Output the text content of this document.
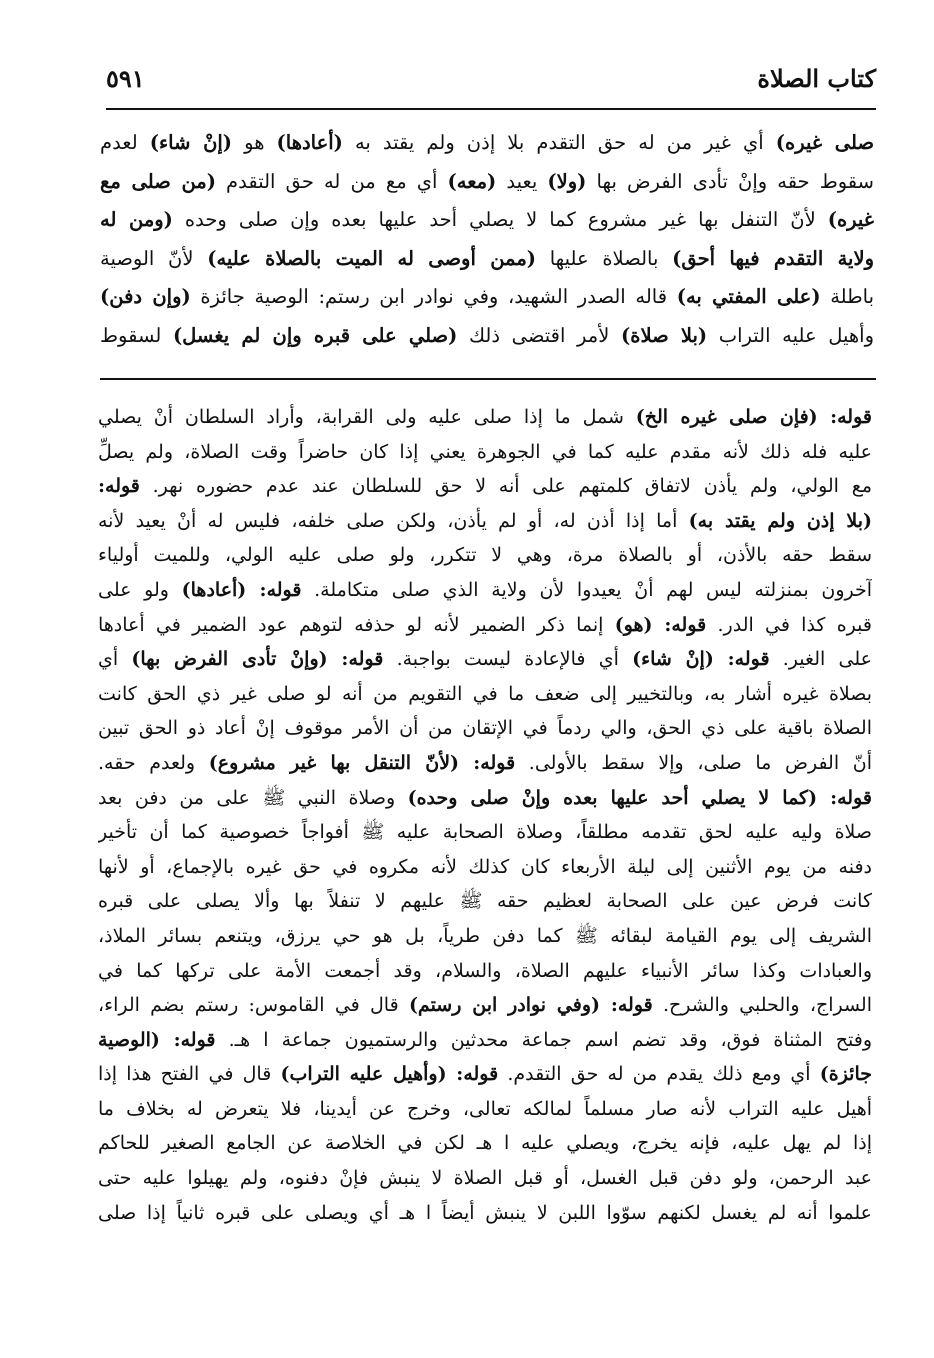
٥٩١	كتاب الصلاة
صلى غيره) أي غير من له حق التقدم بلا إذن ولم يقتد به (أعادها) هو (إنْ شاء) لعدم
سقوط حقه وإنْ تأدى الفرض بها (ولا) يعيد (معه) أي مع من له حق التقدم (من صلى مع
غيره) لأنّ التنفل بها غير مشروع كما لا يصلي أحد عليها بعده وإن صلى وحده (ومن له
ولاية التقدم فيها أحق) بالصلاة عليها (ممن أوصى له الميت بالصلاة عليه) لأنّ الوصية
باطلة (على المفتي به) قاله الصدر الشهيد، وفي نوادر ابن رستم: الوصية جائزة (وإن دفن)
وأهيل عليه التراب (بلا صلاة) لأمر اقتضى ذلك (صلي على قبره وإن لم يغسل) لسقوط
قوله: (فإن صلى غيره الخ) شمل ما إذا صلى عليه ولى القرابة، وأراد السلطان أنْ يصلي
عليه فله ذلك لأنه مقدم عليه كما في الجوهرة يعني إذا كان حاضراً وقت الصلاة، ولم يصلِّ
مع الولي، ولم يأذن لاتفاق كلمتهم على أنه لا حق للسلطان عند عدم حضوره نهر. قوله:
(بلا إذن ولم يقتد به) أما إذا أذن له، أو لم يأذن، ولكن صلى خلفه، فليس له أنْ يعيد لأنه
سقط حقه بالأذن، أو بالصلاة مرة، وهي لا تتكرر، ولو صلى عليه الولي، وللميت أولياء
آخرون بمنزلته ليس لهم أنْ يعيدوا لأن ولاية الذي صلى متكاملة. قوله: (أعادها) ولو على
قبره كذا في الدر. قوله: (هو) إنما ذكر الضمير لأنه لو حذفه لتوهم عود الضمير في أعادها
على الغير. قوله: (إنْ شاء) أي فالإعادة ليست بواجبة. قوله: (وإنْ تأدى الفرض بها) أي
بصلاة غيره أشار به، وبالتخيير إلى ضعف ما في التقويم من أنه لو صلى غير ذي الحق كانت
الصلاة باقية على ذي الحق، والي ردماً في الإتقان من أن الأمر موقوف إنْ أعاد ذو الحق تبين
أنّ الفرض ما صلى، وإلا سقط بالأولى. قوله: (لأنّ التنقل بها غير مشروع) ولعدم حقه.
قوله: (كما لا يصلي أحد عليها بعده وإنْ صلى وحده) وصلاة النبي ﷺ على من دفن بعد
صلاة وليه عليه لحق تقدمه مطلقاً، وصلاة الصحابة عليه ﷺ أفواجاً خصوصية كما أن تأخير
دفنه من يوم الأثنين إلى ليلة الأربعاء كان كذلك لأنه مكروه في حق غيره بالإجماع، أو لأنها
كانت فرض عين على الصحابة لعظيم حقه ﷺ عليهم لا تنفلاً بها وألا يصلى على قبره
الشريف إلى يوم القيامة لبقائه ﷺ كما دفن طرياً، بل هو حي يرزق، ويتنعم بسائر الملاذ،
والعبادات وكذا سائر الأنبياء عليهم الصلاة، والسلام، وقد أجمعت الأمة على تركها كما في
السراج، والحلبي والشرح. قوله: (وفي نوادر ابن رستم) قال في القاموس: رستم بضم الراء،
وفتح المثناة فوق، وقد تضم اسم جماعة محدثين والرستميون جماعة ا هـ. قوله: (الوصية
جائزة) أي ومع ذلك يقدم من له حق التقدم. قوله: (وأهيل عليه التراب) قال في الفتح هذا إذا
أهيل عليه التراب لأنه صار مسلماً لمالكه تعالى، وخرج عن أيدينا، فلا يتعرض له بخلاف ما
إذا لم يهل عليه، فإنه يخرج، ويصلي عليه ا هـ لكن في الخلاصة عن الجامع الصغير للحاكم
عبد الرحمن، ولو دفن قبل الغسل، أو قبل الصلاة لا ينبش فإنْ دفنوه، ولم يهيلوا عليه حتى
علموا أنه لم يغسل لكنهم سوّوا اللبن لا ينبش أيضاً ا هـ أي ويصلى على قبره ثانياً إذا صلى
